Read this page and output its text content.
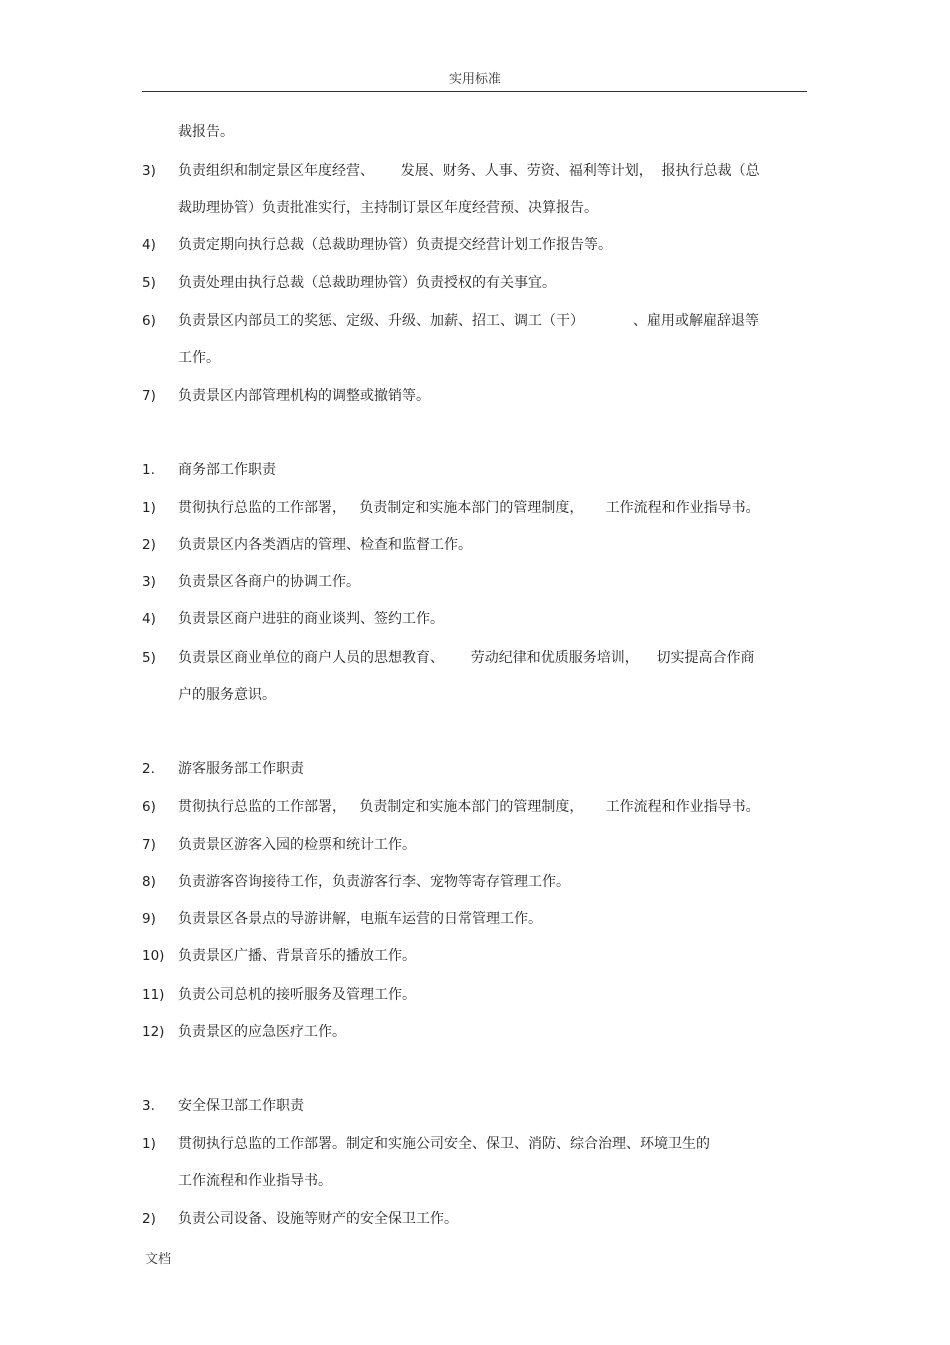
实用标准
裁报告。
3) 负责组织和制定景区年度经营、      发展、财务、人事、劳资、福利等计划，  报执行总裁（总
裁助理协管）负责批准实行，主持制订景区年度经营预、决算报告。
4) 负责定期向执行总裁（总裁助理协管）负责提交经营计划工作报告等。
5) 负责处理由执行总裁（总裁助理协管）负责授权的有关事宜。
6) 负责景区内部员工的奖惩、定级、升级、加薪、招工、调工（干）           、雇用或解雇辞退等
工作。
7) 负责景区内部管理机构的调整或撤销等。
1. 商务部工作职责
1) 贯彻执行总监的工作部署，   负责制定和实施本部门的管理制度，     工作流程和作业指导书。
2) 负责景区内各类酒店的管理、检查和监督工作。
3) 负责景区各商户的协调工作。
4) 负责景区商户进驻的商业谈判、签约工作。
5) 负责景区商业单位的商户人员的思想教育、      劳动纪律和优质服务培训，    切实提高合作商
户的服务意识。
2. 游客服务部工作职责
6) 贯彻执行总监的工作部署，   负责制定和实施本部门的管理制度，     工作流程和作业指导书。
7) 负责景区游客入园的检票和统计工作。
8) 负责游客咨询接待工作，负责游客行李、宠物等寄存管理工作。
9) 负责景区各景点的导游讲解，电瓶车运营的日常管理工作。
10) 负责景区广播、背景音乐的播放工作。
11) 负责公司总机的接听服务及管理工作。
12) 负责景区的应急医疗工作。
3. 安全保卫部工作职责
1) 贯彻执行总监的工作部署。制定和实施公司安全、保卫、消防、综合治理、环境卫生的
工作流程和作业指导书。
2) 负责公司设备、设施等财产的安全保卫工作。
文档
